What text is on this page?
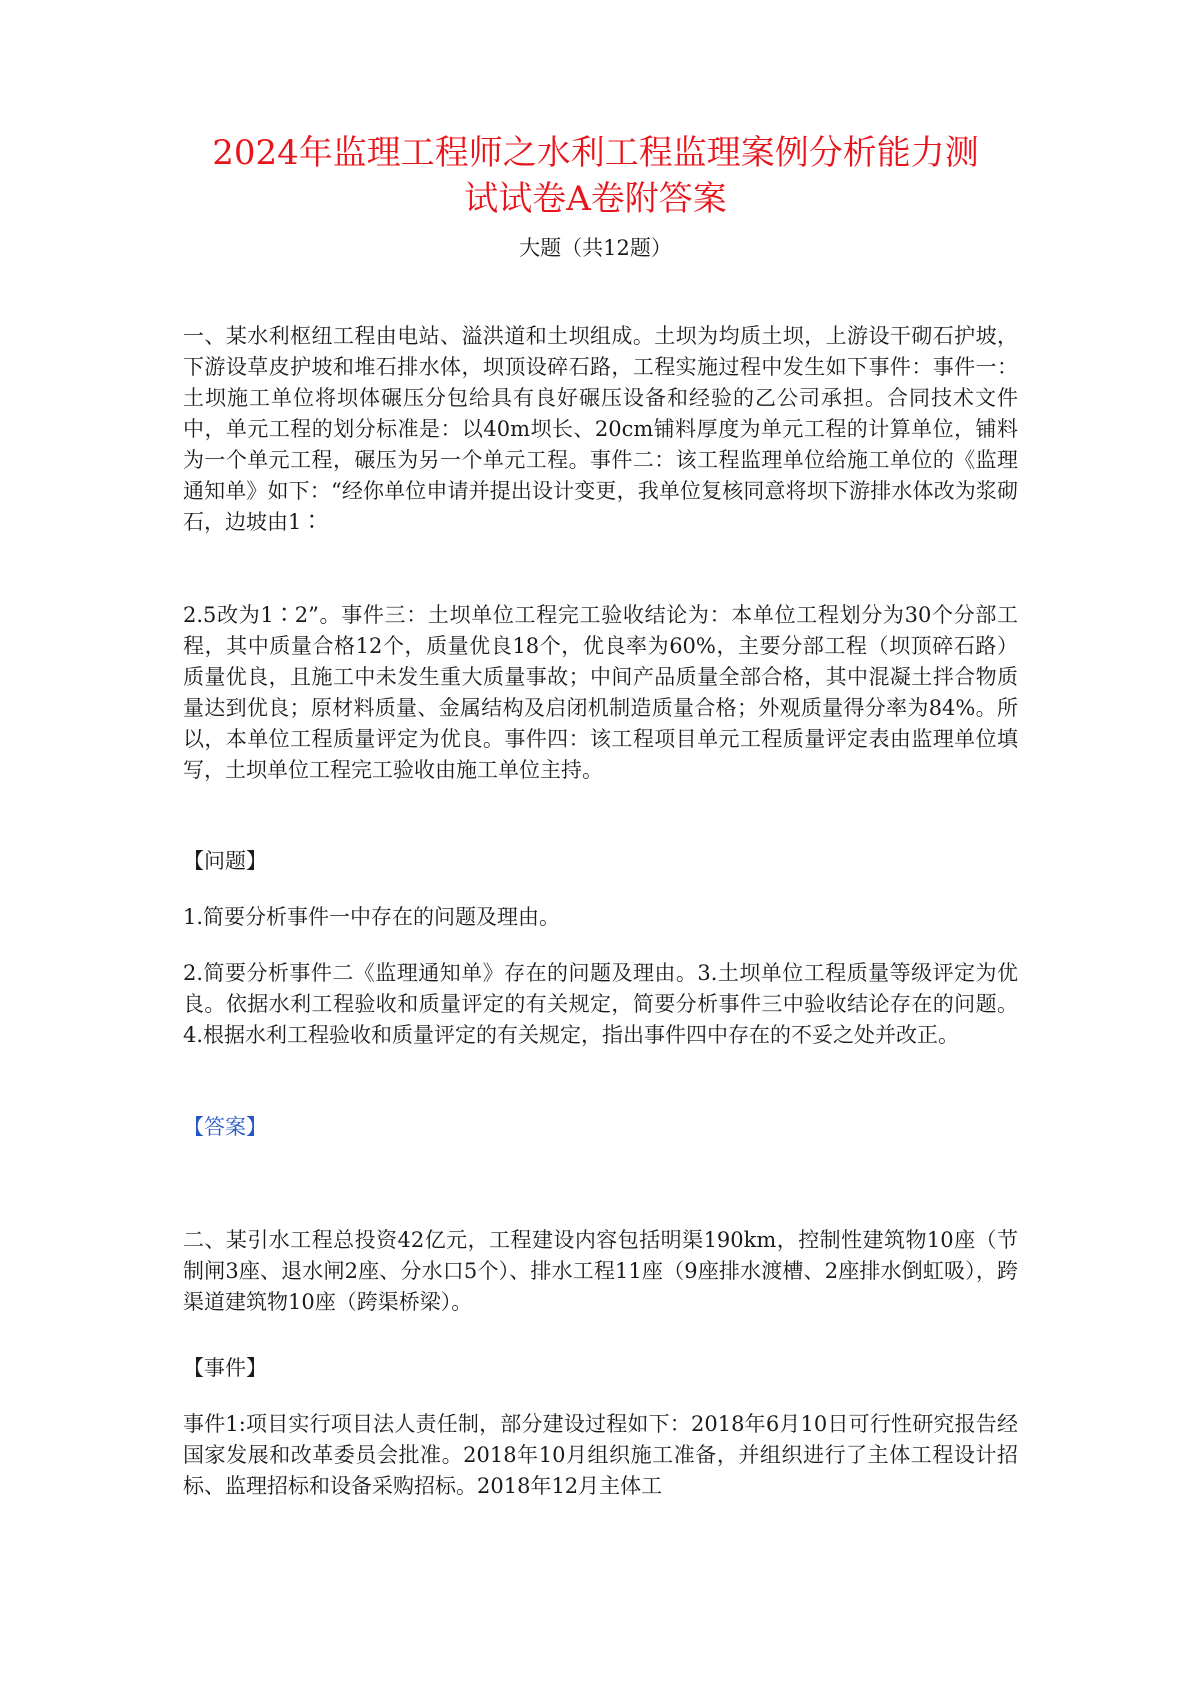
2024年监理工程师之水利工程监理案例分析能力测
试试卷A卷附答案
大题（共12题）

一、某水利枢纽工程由电站、溢洪道和土坝组成。土坝为均质土坝，上游设干砌石护坡，下游设草皮护坡和堆石排水体，坝顶设碎石路，工程实施过程中发生如下事件：事件一：土坝施工单位将坝体碾压分包给具有良好碾压设备和经验的乙公司承担。合同技术文件中，单元工程的划分标准是：以40m坝长、20cm铺料厚度为单元工程的计算单位，铺料为一个单元工程，碾压为另一个单元工程。事件二：该工程监理单位给施工单位的《监理通知单》如下：“经你单位申请并提出设计变更，我单位复核同意将坝下游排水体改为浆砌石，边坡由1∶

2.5改为1∶2”。事件三：土坝单位工程完工验收结论为：本单位工程划分为30个分部工程，其中质量合格12个，质量优良18个，优良率为60%，主要分部工程（坝顶碎石路）质量优良，且施工中未发生重大质量事故；中间产品质量全部合格，其中混凝土拌合物质量达到优良；原材料质量、金属结构及启闭机制造质量合格；外观质量得分率为84%。所以，本单位工程质量评定为优良。事件四：该工程项目单元工程质量评定表由监理单位填写，土坝单位工程完工验收由施工单位主持。

【问题】

1.简要分析事件一中存在的问题及理由。

2.简要分析事件二《监理通知单》存在的问题及理由。3.土坝单位工程质量等级评定为优良。依据水利工程验收和质量评定的有关规定，简要分析事件三中验收结论存在的问题。4.根据水利工程验收和质量评定的有关规定，指出事件四中存在的不妥之处并改正。

【答案】

二、某引水工程总投资42亿元，工程建设内容包括明渠190km，控制性建筑物10座（节制闸3座、退水闸2座、分水口5个）、排水工程11座（9座排水渡槽、2座排水倒虹吸），跨渠道建筑物10座（跨渠桥梁）。

【事件】

事件1:项目实行项目法人责任制，部分建设过程如下：2018年6月10日可行性研究报告经国家发展和改革委员会批准。2018年10月组织施工准备，并组织进行了主体工程设计招标、监理招标和设备采购招标。2018年12月主体工
